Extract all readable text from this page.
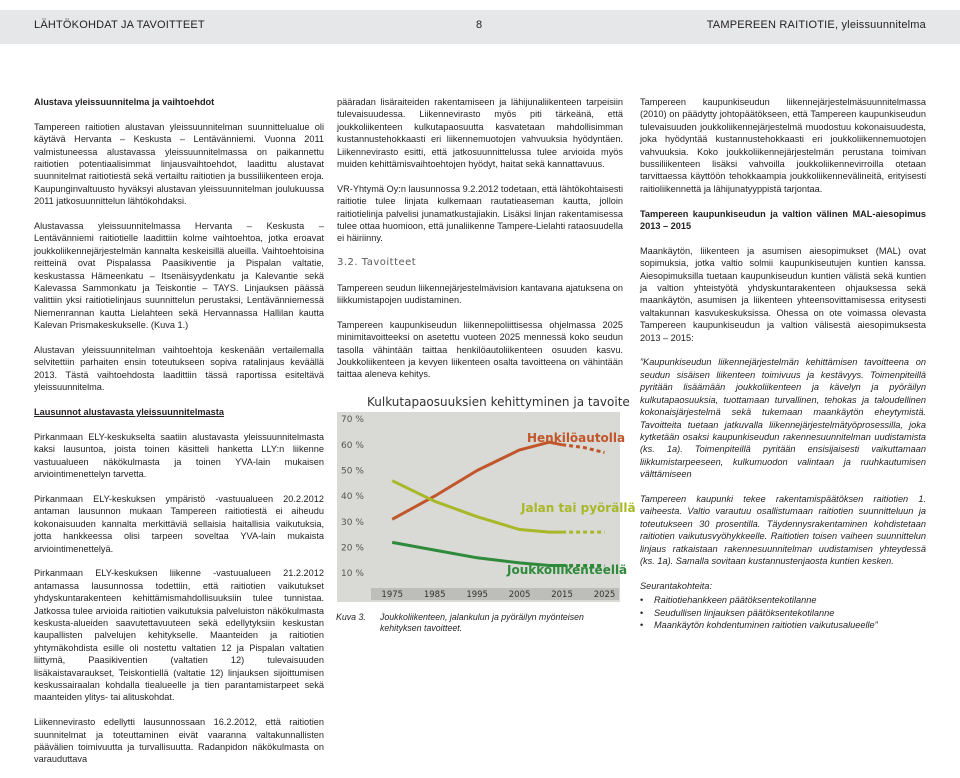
LÄHTÖKOHDAT JA TAVOITTEET	8	TAMPEREEN RAITIOTIE, yleissuunnitelma
Alustava yleissuunnitelma ja vaihtoehdot

Tampereen raitiotien alustavan yleissuunnitelman suunnittelualue oli käytävä Hervanta – Keskusta – Lentävänniemi. Vuonna 2011 valmistuneessa alustavassa yleissuunnitelmassa on paikannettu raitiotien potentiaalisimmat linjausvaihtoehdot, laadittu alustavat suunnitelmat raitiotiestä sekä vertailtu raitiotien ja bussiliikenteen eroja. Kaupunginvaltuusto hyväksyi alustavan yleissuunnitelman joulukuussa 2011 jatkosuunnittelun lähtökohdaksi.

Alustavassa yleissuunnitelmassa Hervanta – Keskusta – Lentävänniemi raitiotielle laadittiin kolme vaihtoehtoa, jotka eroavat joukkoliikennejärjestelmän kannalta keskeisillä alueilla. Vaihtoehtoisina reitteinä ovat Pispalassa Paasikiventie ja Pispalan valtatie, keskustassa Hämeenkatu – Itsenäisyydenkatu ja Kalevantie sekä Kalevassa Sammonkatu ja Teiskontie – TAYS. Linjauksen päässä valittiin yksi raitiotielinjaus suunnittelun perustaksi, Lentävänniemessä Niemenrannan kautta Lielahteen sekä Hervannassa Hallilan kautta Kalevan Prismakeskukselle. (Kuva 1.)

Alustavan yleissuunnitelman vaihtoehtoja keskenään vertailemalla selvitettiin parhaiten ensin toteutukseen sopiva ratalinjaus keväällä 2013. Tästä vaihtoehdosta laadittiin tässä raportissa esiteltävä yleissuunnitelma.

Lausunnot alustavasta yleissuunnitelmasta

Pirkanmaan ELY-keskukselta saatiin alustavasta yleissuunnitelmasta kaksi lausuntoa, joista toinen käsitteli hanketta LLY:n liikenne vastuualueen näkökulmasta ja toinen YVA-lain mukaisen arviointimenettelyn tarvetta.

Pirkanmaan ELY-keskuksen ympäristö -vastuualueen 20.2.2012 antaman lausunnon mukaan Tampereen raitiotiestä ei aiheudu kokonaisuuden kannalta merkittäviä sellaisia haitallisia vaikutuksia, jotta hankkeessa olisi tarpeen soveltaa YVA-lain mukaista arviointimenettelyä.

Pirkanmaan ELY-keskuksen liikenne -vastuualueen 21.2.2012 antamassa lausunnossa todettiin, että raitiotien vaikutukset yhdyskuntarakenteen kehittämismahdollisuuksiin tulee tunnistaa. Jatkossa tulee arvioida raitiotien vaikutuksia palveluiston näkökulmasta keskusta-alueiden saavutettavuuteen sekä edellytyksiin keskustan kaupallisten palvelujen kehitykselle. Maanteiden ja raitiotien yhtymäkohdista esille oli nostettu valtatien 12 ja Pispalan valtatien liittymä, Paasikiventien (valtatien 12) tulevaisuuden lisäkaistavaraukset, Teiskontiellä (valtatie 12) linjauksen sijoittumisen keskussairaalan kohdalla tiealueelle ja tien parantamistarpeet sekä maanteiden ylitys- tai alituskohdat.

Liikennevirasto edellytti lausunnossaan 16.2.2012, että raitiotien suunnitelmat ja toteuttaminen eivät vaaranna valtakunnallisten päävälien toimivuutta ja turvallisuutta. Radanpidon näkökulmasta on varauduttava

pääradan lisäraiteiden rakentamiseen ja lähijunaliikenteen tarpeisiin tulevaisuudessa. Liikennevirasto myös piti tärkeänä, että joukkoliikenteen kulkutapaosuutta kasvatetaan mahdollisimman kustannustehokkaasti eri liikennemuotojen vahvuuksia hyödyntäen. Liikennevirasto esitti, että jatkosuunnittelussa tulee arvioida myös muiden kehittämisvaihtoehtojen hyödyt, haitat sekä kannattavuus.

VR-Yhtymä Oy:n lausunnossa 9.2.2012 todetaan, että lähtökohtaisesti raitiotie tulee linjata kulkemaan rautatieaseman kautta, jolloin raitiotielinja palvelisi junamatkustajiakin. Lisäksi linjan rakentamisessa tulee ottaa huomioon, että junaliikenne Tampere-Lielahti rataosuudella ei häiriinny.

3.2. Tavoitteet

Tampereen seudun liikennejärjestelmävision kantavana ajatuksena on liikkumistapojen uudistaminen.

Tampereen kaupunkiseudun liikennepoliittisessa ohjelmassa 2025 minimitavoitteeksi on asetettu vuoteen 2025 mennessä koko seudun tasolla vähintään taittaa henkilöautoliikenteen osuuden kasvu. Joukkoliikenteen ja kevyen liikenteen osalta tavoitteena on vähintään taittaa aleneva kehitys.

Kulkutapaosuuksien kehittyminen ja tavoite
10 %
20 %
30 %
40 %
50 %
60 %
70 %
1975 1985 1995 2005 2015 2025
Henkilöautolla
Jalan tai pyörällä
Joukkoliikenteellä
Kuva 3. Joukkoliikenteen, jalankulun ja pyöräilyn myönteisen kehityksen tavoitteet.

Tampereen kaupunkiseudun liikennejärjestelmäsuunnitelmassa (2010) on päädytty johtopäätökseen, että Tampereen kaupunkiseudun tulevaisuuden joukkoliikennejärjestelmä muodostuu kokonaisuudesta, joka hyödyntää kustannustehokkaasti eri joukkoliikennemuotojen vahvuuksia. Koko joukkoliikennejärjestelmän perustana toimivan bussiliikenteen lisäksi vahvoilla joukkoliikennevirroilla otetaan tarvittaessa käyttöön tehokkaampia joukkoliikennevälineitä, erityisesti raitioliikennettä ja lähijunatyyppistä tarjontaa.

Tampereen kaupunkiseudun ja valtion välinen MAL-aiesopimus 2013 – 2015

Maankäytön, liikenteen ja asumisen aiesopimukset (MAL) ovat sopimuksia, jotka valtio solmii kaupunkiseutujen kuntien kanssa. Aiesopimuksilla tuetaan kaupunkiseudun kuntien välistä sekä kuntien ja valtion yhteistyötä yhdyskuntarakenteen ohjauksessa sekä maankäytön, asumisen ja liikenteen yhteensovittamisessa eritysesti valtakunnan kasvukeskuksissa. Ohessa on ote voimassa olevasta Tampereen kaupunkiseudun ja valtion välisestä aiesopimuksesta 2013 – 2015:

”Kaupunkiseudun liikennejärjestelmän kehittämisen tavoitteena on seudun sisäisen liikenteen toimivuus ja kestävyys. Toimenpiteillä pyritään lisäämään joukkoliikenteen ja kävelyn ja pyöräilyn kulkutapaosuuksia, tuottamaan turvallinen, tehokas ja taloudellinen kokonaisjärjestelmä sekä tukemaan maankäytön eheytymistä. Tavoitteita tuetaan jatkuvalla liikennejärjestelmätyöprosessilla, joka kytketään osaksi kaupunkiseudun rakennesuunnitelman uudistamista (ks. 1a). Toimenpiteillä pyritään ensisijaisesti vaikuttamaan liikkumistarpeeseen, kulkumuodon valintaan ja ruuhkautumisen välttämiseen

Tampereen kaupunki tekee rakentamispäätöksen raitiotien 1. vaiheesta. Valtio varautuu osallistumaan raitiotien suunnitteluun ja toteutukseen 30 prosentilla. Täydennysrakentaminen kohdistetaan raitiotien vaikutusvyöhykkeelle. Raitiotien toisen vaiheen suunnittelun linjaus ratkaistaan rakennesuunnitelman uudistamisen yhteydessä (ks. 1a). Samalla sovitaan kustannustenjaosta kuntien kesken.

Seurantakohteita:

• Raitiotiehankkeen päätöksentekotilanne
• Seudullisen linjauksen päätöksentekotilanne
• Maankäytön kohdentuminen raitiotien vaikutusalueelle”
